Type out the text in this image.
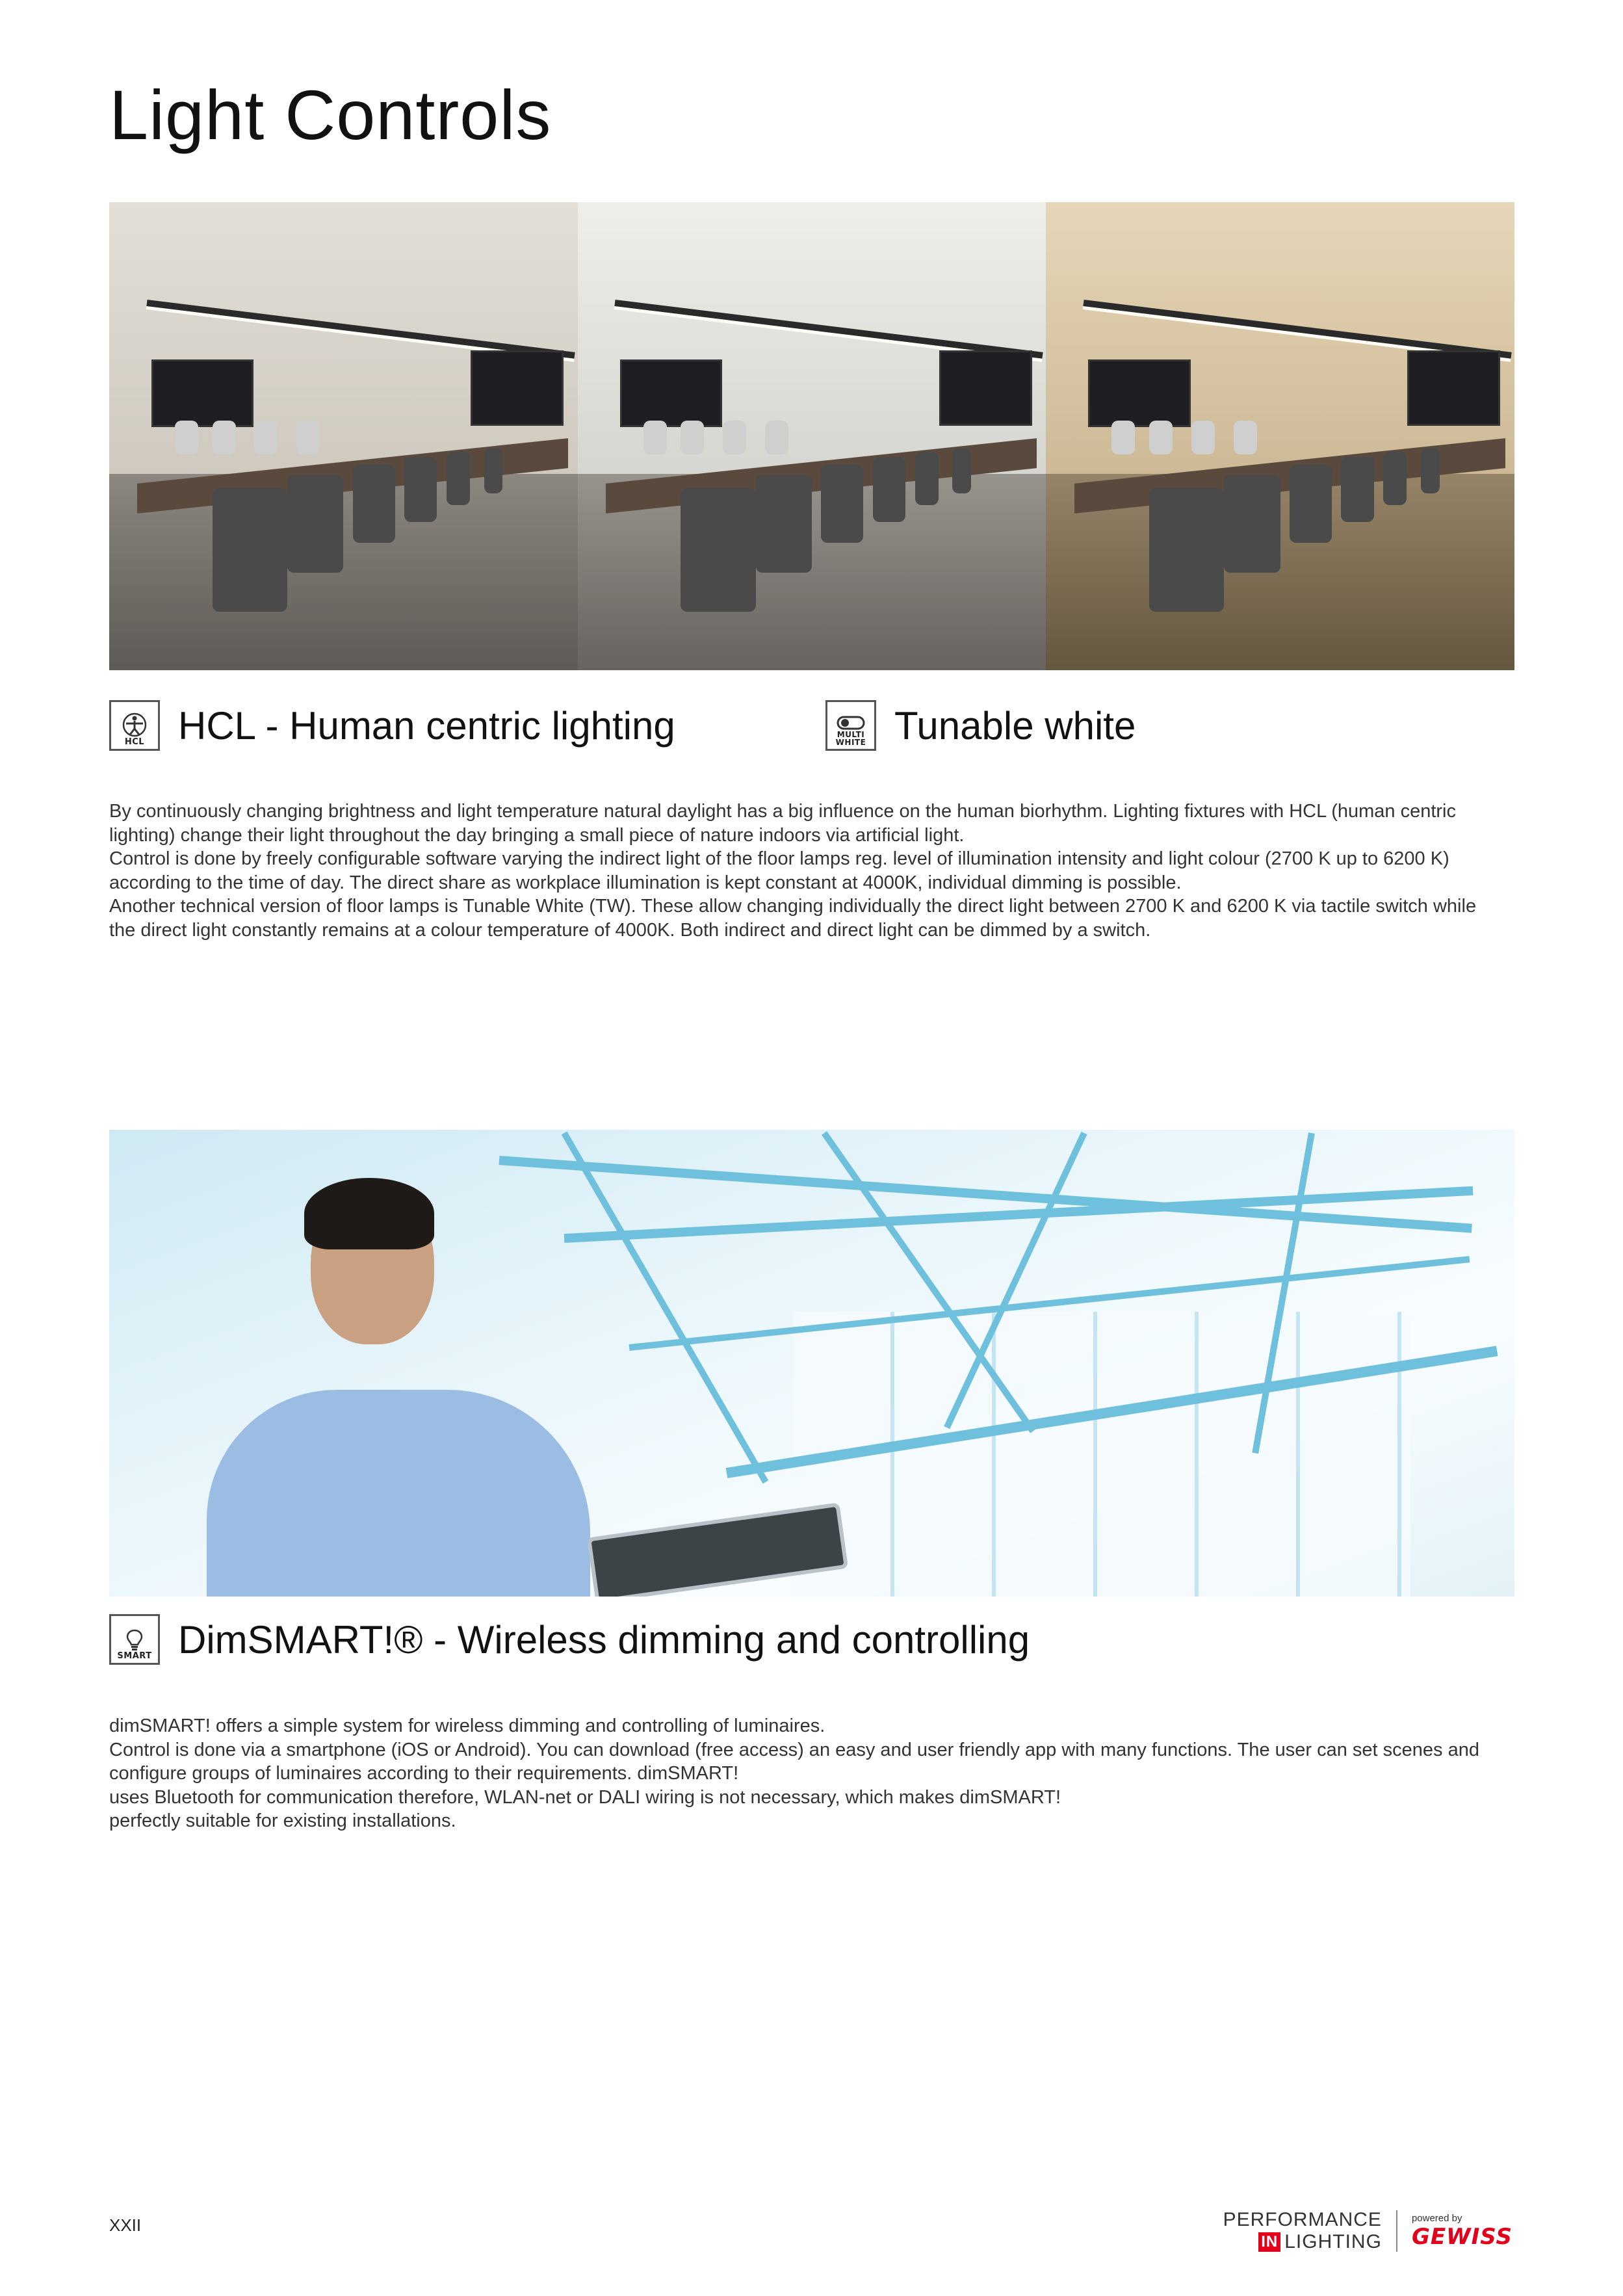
Light Controls
HCL HCL - Human centric lighting	MULTI WHITE Tunable white

By continuously changing brightness and light temperature natural daylight has a big influence on the human biorhythm. Lighting fixtures with HCL (human centric lighting) change their light throughout the day bringing a small piece of nature indoors via artificial light.

Control is done by freely configurable software varying the indirect light of the floor lamps reg. level of illumination intensity and light colour (2700 K up to 6200 K) according to the time of day. The direct share as workplace illumination is kept constant at 4000K, individual dimming is possible.

Another technical version of floor lamps is Tunable White (TW). These allow changing individually the direct light between 2700 K and 6200 K via tactile switch while the direct light constantly remains at a colour temperature of 4000K. Both indirect and direct light can be dimmed by a switch.

SMART DimSMART!® - Wireless dimming and controlling

dimSMART! offers a simple system for wireless dimming and controlling of luminaires.

Control is done via a smartphone (iOS or Android). You can download (free access) an easy and user friendly app with many functions. The user can set scenes and configure groups of luminaires according to their requirements. dimSMART!

uses Bluetooth for communication therefore, WLAN-net or DALI wiring is not necessary, which makes dimSMART!

perfectly suitable for existing installations.

XXII	PERFORMANCE
IN LIGHTING
powered by
GEWISS
